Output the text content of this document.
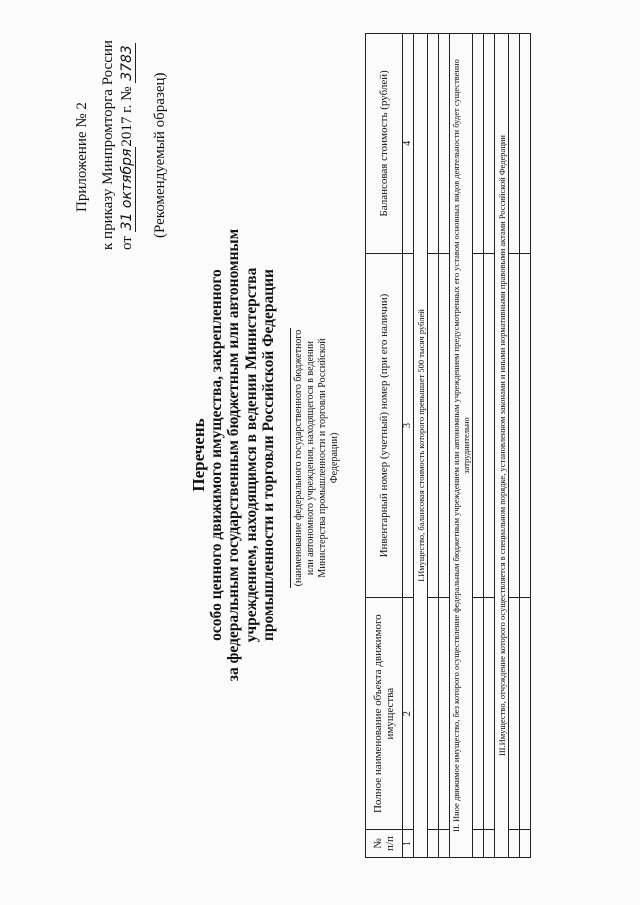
Приложение № 2 к приказу Минпромторга России от 31 октября2017 г. № 3783
(Рекомендуемый образец)
Перечень особо ценного движимого имущества, закрепленного за федеральным государственным бюджетным или автономным учреждением, находящимся в ведении Министерства промышленности и торговли Российской Федерации (наименование федерального государственного бюджетного или автономного учреждения, находящегося в ведении Министерства промышленности и торговли Российской Федерации)
№ п/п	Полное наименование объекта движимого имущества	Инвентарный номер (учетный) номер (при его наличии)	Балансовая стоимость (рублей)
1	2	3	4
I.Имущество, балансовая стоимость которого превышает 500 тысяч рублей			

II. Иное движимое имущество, без которого осуществление федеральным бюджетным учреждением или автономным учреждением предусмотренных его уставом основных видов деятельности будет существенно затруднительно			

III.Имущество, отчуждение которого осуществляется в специальном порядке, установленном законами и иными нормативными правовыми актами Российской Федерации			
